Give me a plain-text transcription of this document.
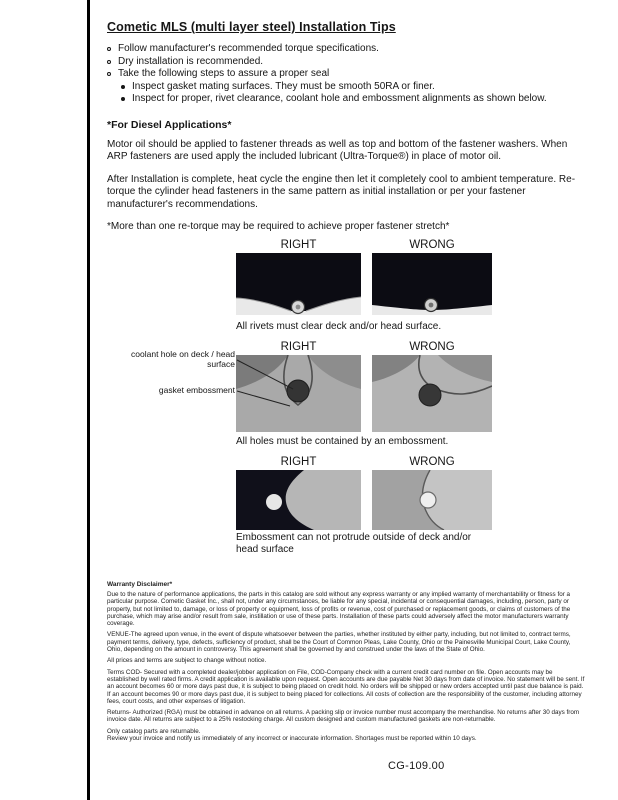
Cometic MLS (multi layer steel) Installation Tips
Follow manufacturer's recommended torque specifications.
Dry installation is recommended.
Take the following steps to assure a proper seal
Inspect gasket mating surfaces. They must be smooth 50RA or finer.
Inspect for proper, rivet clearance, coolant hole and embossment alignments as shown below.
*For Diesel Applications*

Motor oil should be applied to fastener threads as well as top and bottom of the fastener washers. When ARP fasteners are used apply the included lubricant (Ultra-Torque®) in place of motor oil.

After Installation is complete, heat cycle the engine then let it completely cool to ambient temperature. Re-torque the cylinder head fasteners in the same pattern as initial installation or per your fastener manufacturer's recommendations.

*More than one re-torque may be required to achieve proper fastener stretch*

RIGHT	WRONG
All rivets must clear deck and/or head surface.
RIGHT	WRONG
coolant hole on deck / head surface
gasket embossment
All holes must be contained by an embossment.
RIGHT	WRONG
Embossment can not protrude outside of deck and/or head surface
Warranty Disclaimer*

Due to the nature of performance applications, the parts in this catalog are sold without any express warranty or any implied warranty of merchantability or fitness for a particular purpose. Cometic Gasket Inc., shall not, under any circumstances, be liable for any special, incidental or consequential damages, including, person, party or property, but not limited to, damage, or loss of property or equipment, loss of profits or revenue, cost of purchased or replacement goods, or claims of customers of the purchase, which may arise and/or result from sale, instillation or use of these parts. Installation of these parts could adversely affect the motor manufacturers warranty coverage.

VENUE-The agreed upon venue, in the event of dispute whatsoever between the parties, whether instituted by either party, including, but not limited to, contract terms, payment terms, delivery, type, defects, sufficiency of product, shall be the Court of Common Pleas, Lake County, Ohio or the Painesville Municipal Court, Lake County, Ohio, depending on the amount in controversy. This agreement shall be governed by and construed under the laws of the State of Ohio.

All prices and terms are subject to change without notice.

Terms COD- Secured with a completed dealer/jobber application on File, COD-Company check with a current credit card number on file. Open accounts may be established by well rated firms. A credit application is available upon request. Open accounts are due payable Net 30 days from date of invoice. No statement will be sent. If an account becomes 60 or more days past due, it is subject to being placed on credit hold. No orders will be shipped or new orders accepted until past due balance is paid. If an account becomes 90 or more days past due, it is subject to being placed for collections. All costs of collection are the responsibility of the customer, including attorney fees, court costs, and other expenses of litigation.

Returns- Authorized (RGA) must be obtained in advance on all returns. A packing slip or invoice number must accompany the merchandise. No returns after 30 days from invoice date. All returns are subject to a 25% restocking charge. All custom designed and custom manufactured gaskets are non-returnable.

Only catalog parts are returnable.

Review your invoice and notify us immediately of any incorrect or inaccurate information. Shortages must be reported within 10 days.

CG-109.00
